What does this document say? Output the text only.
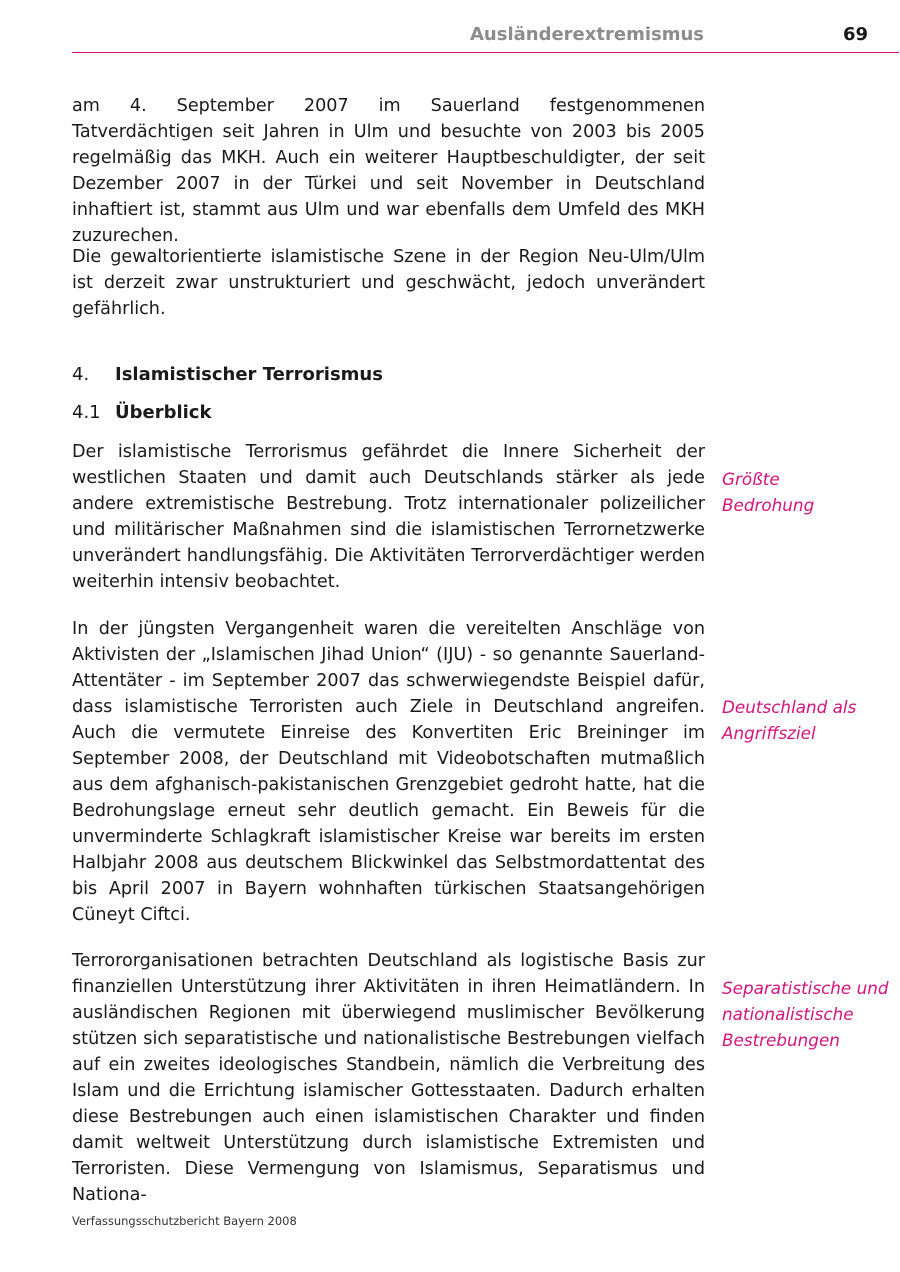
Ausländerextremismus	69

am 4. September 2007 im Sauerland festgenommenen Tatverdächtigen seit Jahren in Ulm und besuchte von 2003 bis 2005 regelmäßig das MKH. Auch ein weiterer Hauptbeschuldigter, der seit Dezember 2007 in der Türkei und seit November in Deutschland inhaftiert ist, stammt aus Ulm und war ebenfalls dem Umfeld des MKH zuzurechen.

Die gewaltorientierte islamistische Szene in der Region Neu-Ulm/Ulm ist derzeit zwar unstrukturiert und geschwächt, jedoch unverändert gefährlich.

4. Islamistischer Terrorismus
4.1 Überblick

Der islamistische Terrorismus gefährdet die Innere Sicherheit der westlichen Staaten und damit auch Deutschlands stärker als jede andere extremistische Bestrebung. Trotz internationaler polizeilicher und militärischer Maßnahmen sind die islamistischen Terrornetzwerke unverändert handlungsfähig. Die Aktivitäten Terrorverdächtiger werden weiterhin intensiv beobachtet.

In der jüngsten Vergangenheit waren die vereitelten Anschläge von Aktivisten der „Islamischen Jihad Union“ (IJU) - so genannte Sauerland-Attentäter - im September 2007 das schwerwiegendste Beispiel dafür, dass islamistische Terroristen auch Ziele in Deutschland angreifen. Auch die vermutete Einreise des Konvertiten Eric Breininger im September 2008, der Deutschland mit Videobotschaften mutmaßlich aus dem afghanisch-pakistanischen Grenzgebiet gedroht hatte, hat die Bedrohungslage erneut sehr deutlich gemacht. Ein Beweis für die unverminderte Schlagkraft islamistischer Kreise war bereits im ersten Halbjahr 2008 aus deutschem Blickwinkel das Selbstmordattentat des bis April 2007 in Bayern wohnhaften türkischen Staatsangehörigen Cüneyt Ciftci.

Terrororganisationen betrachten Deutschland als logistische Basis zur finanziellen Unterstützung ihrer Aktivitäten in ihren Heimatländern. In ausländischen Regionen mit überwiegend muslimischer Bevölkerung stützen sich separatistische und nationalistische Bestrebungen vielfach auf ein zweites ideologisches Standbein, nämlich die Verbreitung des Islam und die Errichtung islamischer Gottesstaaten. Dadurch erhalten diese Bestrebungen auch einen islamistischen Charakter und finden damit weltweit Unterstützung durch islamistische Extremisten und Terroristen. Diese Vermengung von Islamismus, Separatismus und Nationa-

Größte
Bedrohung
Deutschland als
Angriffsziel
Separatistische und
nationalistische
Bestrebungen
Verfassungsschutzbericht Bayern 2008
